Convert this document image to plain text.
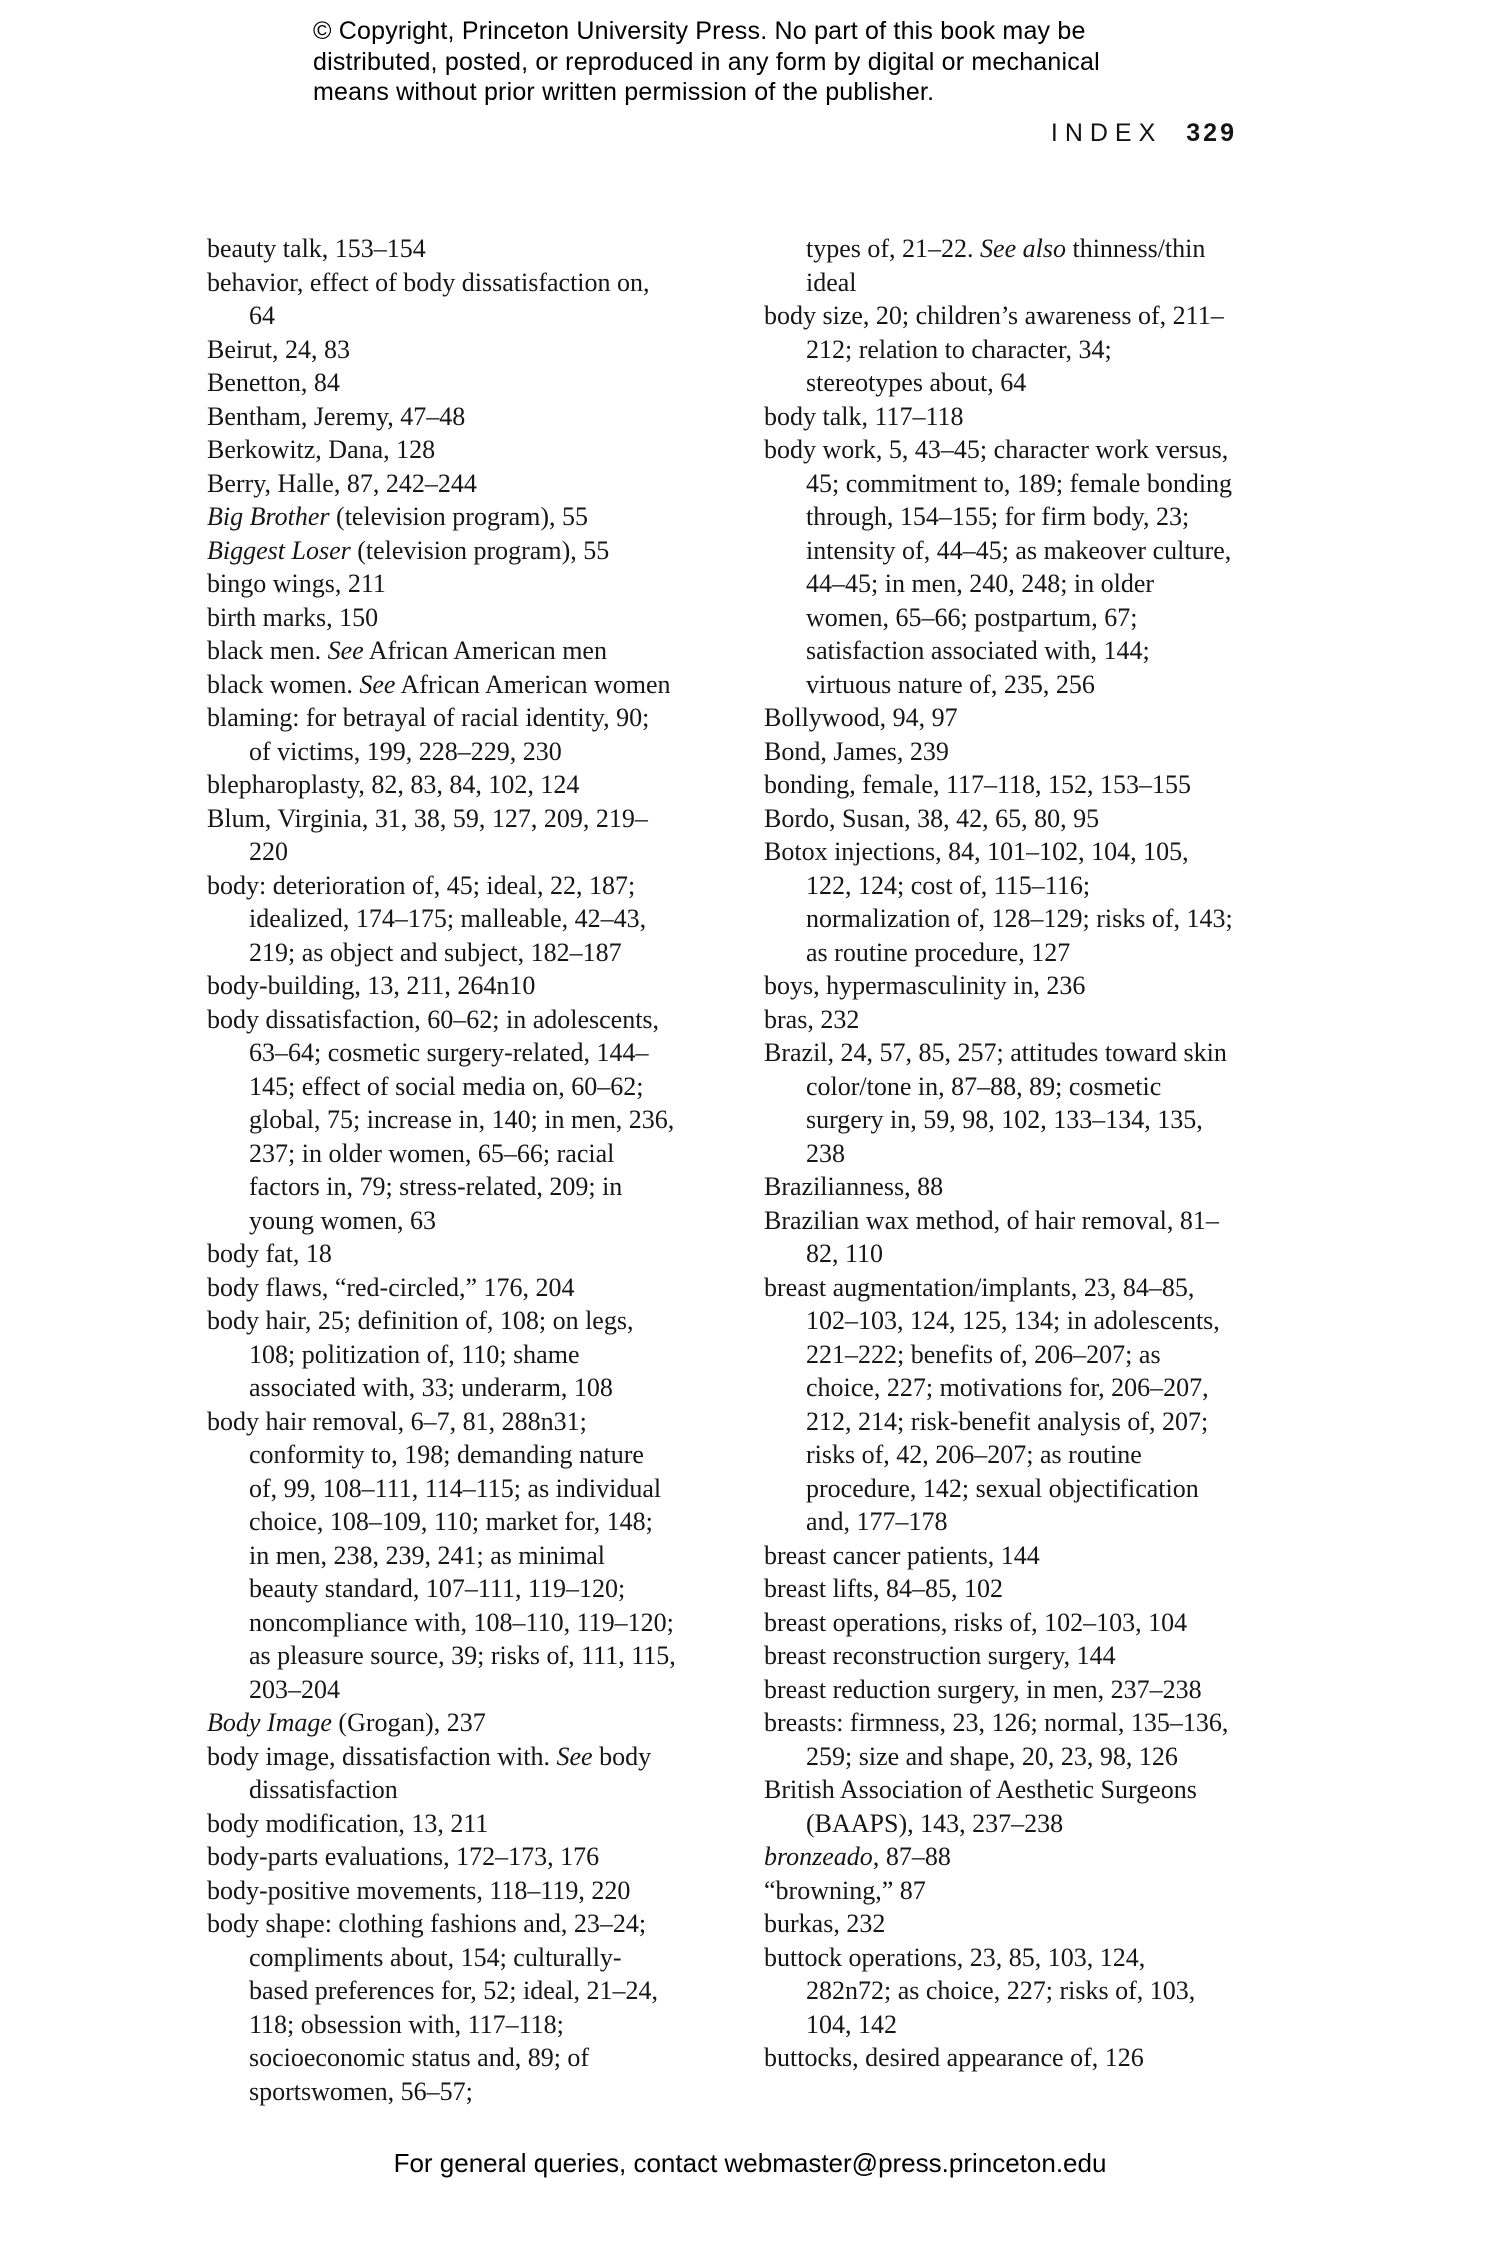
© Copyright, Princeton University Press. No part of this book may be
distributed, posted, or reproduced in any form by digital or mechanical
means without prior written permission of the publisher.
INDEX 329

beauty talk, 153–154

behavior, effect of body dissatisfaction on, 64

Beirut, 24, 83

Benetton, 84

Bentham, Jeremy, 47–48

Berkowitz, Dana, 128

Berry, Halle, 87, 242–244

Big Brother (television program), 55

Biggest Loser (television program), 55

bingo wings, 211

birth marks, 150

black men. See African American men

black women. See African American women

blaming: for betrayal of racial identity, 90; of victims, 199, 228–229, 230

blepharoplasty, 82, 83, 84, 102, 124

Blum, Virginia, 31, 38, 59, 127, 209, 219–220

body: deterioration of, 45; ideal, 22, 187; idealized, 174–175; malleable, 42–43, 219; as object and subject, 182–187

body-building, 13, 211, 264n10

body dissatisfaction, 60–62; in adolescents, 63–64; cosmetic surgery-related, 144–145; effect of social media on, 60–62; global, 75; increase in, 140; in men, 236, 237; in older women, 65–66; racial factors in, 79; stress-related, 209; in young women, 63

body fat, 18

body flaws, “red-circled,” 176, 204

body hair, 25; definition of, 108; on legs, 108; politization of, 110; shame associated with, 33; underarm, 108

body hair removal, 6–7, 81, 288n31; conformity to, 198; demanding nature of, 99, 108–111, 114–115; as individual choice, 108–109, 110; market for, 148; in men, 238, 239, 241; as minimal beauty standard, 107–111, 119–120; noncompliance with, 108–110, 119–120; as pleasure source, 39; risks of, 111, 115, 203–204

Body Image (Grogan), 237

body image, dissatisfaction with. See body dissatisfaction

body modification, 13, 211

body-parts evaluations, 172–173, 176

body-positive movements, 118–119, 220

body shape: clothing fashions and, 23–24; compliments about, 154; culturally-based preferences for, 52; ideal, 21–24, 118; obsession with, 117–118; socioeconomic status and, 89; of sportswomen, 56–57;

types of, 21–22. See also thinness/thin ideal

body size, 20; children’s awareness of, 211–212; relation to character, 34; stereotypes about, 64

body talk, 117–118

body work, 5, 43–45; character work versus, 45; commitment to, 189; female bonding through, 154–155; for firm body, 23; intensity of, 44–45; as makeover culture, 44–45; in men, 240, 248; in older women, 65–66; postpartum, 67; satisfaction associated with, 144; virtuous nature of, 235, 256

Bollywood, 94, 97

Bond, James, 239

bonding, female, 117–118, 152, 153–155

Bordo, Susan, 38, 42, 65, 80, 95

Botox injections, 84, 101–102, 104, 105, 122, 124; cost of, 115–116; normalization of, 128–129; risks of, 143; as routine procedure, 127

boys, hypermasculinity in, 236

bras, 232

Brazil, 24, 57, 85, 257; attitudes toward skin color/tone in, 87–88, 89; cosmetic surgery in, 59, 98, 102, 133–134, 135, 238

Brazilianness, 88

Brazilian wax method, of hair removal, 81–82, 110

breast augmentation/implants, 23, 84–85, 102–103, 124, 125, 134; in adolescents, 221–222; benefits of, 206–207; as choice, 227; motivations for, 206–207, 212, 214; risk-benefit analysis of, 207; risks of, 42, 206–207; as routine procedure, 142; sexual objectification and, 177–178

breast cancer patients, 144

breast lifts, 84–85, 102

breast operations, risks of, 102–103, 104

breast reconstruction surgery, 144

breast reduction surgery, in men, 237–238

breasts: firmness, 23, 126; normal, 135–136, 259; size and shape, 20, 23, 98, 126

British Association of Aesthetic Surgeons (BAAPS), 143, 237–238

bronzeado, 87–88

“browning,” 87

burkas, 232

buttock operations, 23, 85, 103, 124, 282n72; as choice, 227; risks of, 103, 104, 142

buttocks, desired appearance of, 126

For general queries, contact webmaster@press.princeton.edu
